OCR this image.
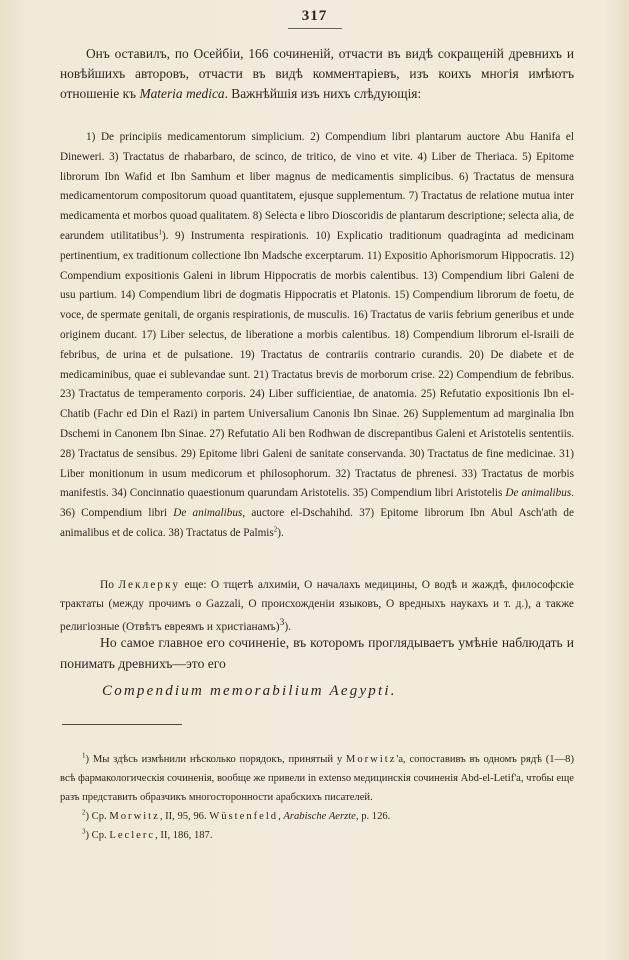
317

Онъ оставилъ, по Осейбіи, 166 сочиненій, отчасти въ видѣ сокращеній древнихъ и новѣйшихъ авторовъ, отчасти въ видѣ комментаріевъ, изъ коихъ многія имѣютъ отношеніе къ Materia medica. Важнѣйшія изъ нихъ слѣдующія:

1) De principiis medicamentorum simplicium. 2) Compendium libri plantarum auctore Abu Hanifa el Dineweri. 3) Tractatus de rhabarbaro, de scinco, de tritico, de vino et vite. 4) Liber de Theriaca. 5) Epitome librorum Ibn Wafid et Ibn Samhum et liber magnus de medicamentis simplicibus. 6) Tractatus de mensura medicamentorum compositorum quoad quantitatem, ejusque supplementum. 7) Tractatus de relatione mutua inter medicamenta et morbos quoad qualitatem. 8) Selecta e libro Dioscoridis de plantarum descriptione; selecta alia, de earundem utilitatibus$^1$). 9) Instrumenta respirationis. 10) Explicatio traditionum quadraginta ad medicinam pertinentium, ex traditionum collectione Ibn Madsche excerptarum. 11) Expositio Aphorismorum Hippocratis. 12) Compendium expositionis Galeni in librum Hippocratis de morbis calentibus. 13) Compendium libri Galeni de usu partium. 14) Compendium libri de dogmatis Hippocratis et Platonis. 15) Compendium librorum de foetu, de voce, de spermate genitali, de organis respirationis, de musculis. 16) Tractatus de variis febrium generibus et unde originem ducant. 17) Liber selectus, de liberatione a morbis calentibus. 18) Compendium librorum el-Israili de febribus, de urina et de pulsatione. 19) Tractatus de contrariis contrario curandis. 20) De diabete et de medicaminibus, quae ei sublevandae sunt. 21) Tractatus brevis de morborum crise. 22) Compendium de febribus. 23) Tractatus de temperamento corporis. 24) Liber sufficientiae, de anatomia. 25) Refutatio expositionis Ibn el-Chatib (Fachr ed Din el Razi) in partem Universalium Canonis Ibn Sinae. 26) Supplementum ad marginalia Ibn Dschemi in Canonem Ibn Sinae. 27) Refutatio Ali ben Rodhwan de discrepantibus Galeni et Aristotelis sententiis. 28) Tractatus de sensibus. 29) Epitome libri Galeni de sanitate conservanda. 30) Tractatus de fine medicinae. 31) Liber monitionum in usum medicorum et philosophorum. 32) Tractatus de phrenesi. 33) Tractatus de morbis manifestis. 34) Concinnatio quaestionum quarundam Aristotelis. 35) Compendium libri Aristotelis De animalibus. 36) Compendium libri De animalibus, auctore el-Dschahihd. 37) Epitome librorum Ibn Abul Asch'ath de animalibus et de colica. 38) Tractatus de Palmis$^2$).

По Леклерку еще: О тщетѣ алхиміи, О началахъ медицины, О водѣ и жаждѣ, философскіе трактаты (между прочимъ о Gazzali, О происхожденіи языковъ, О вредныхъ наукахъ и т. д.), а также религіозные (Отвѣтъ евреямъ и христіанамъ)$^3$).

Но самое главное его сочиненіе, въ которомъ проглядываетъ умѣніе наблюдать и понимать древнихъ—это его

Compendium memorabilium Aegypti.

$^1$) Мы здѣсь измѣнили нѣсколько порядокъ, принятый у Morwitz'а, сопоставивъ въ одномъ рядѣ (1—8) всѣ фармакологическія сочиненія, вообще же привели in extenso медицинскія сочиненія Abd-el-Letif'а, чтобы еще разъ представить образчикъ многосторонности арабскихъ писателей.

$^2$) Ср. Morwitz, II, 95, 96. Wüstenfeld, Arabische Aerzte, p. 126.

$^3$) Ср. Leclerc, II, 186, 187.
